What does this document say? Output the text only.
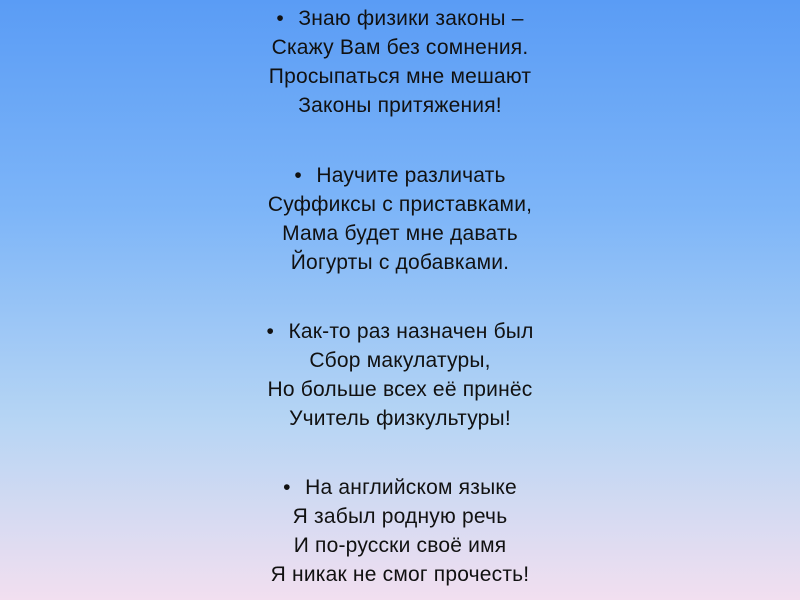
• Знаю физики законы –
Скажу Вам без сомнения.
Просыпаться мне мешают
Законы притяжения!
• Научите различать
Суффиксы с приставками,
Мама будет мне давать
Йогурты с добавками.
• Как-то раз назначен был
Сбор макулатуры,
Но больше всех её принёс
Учитель физкультуры!
• На английском языке
Я забыл родную речь
И по-русски своё имя
Я никак не смог прочесть!
